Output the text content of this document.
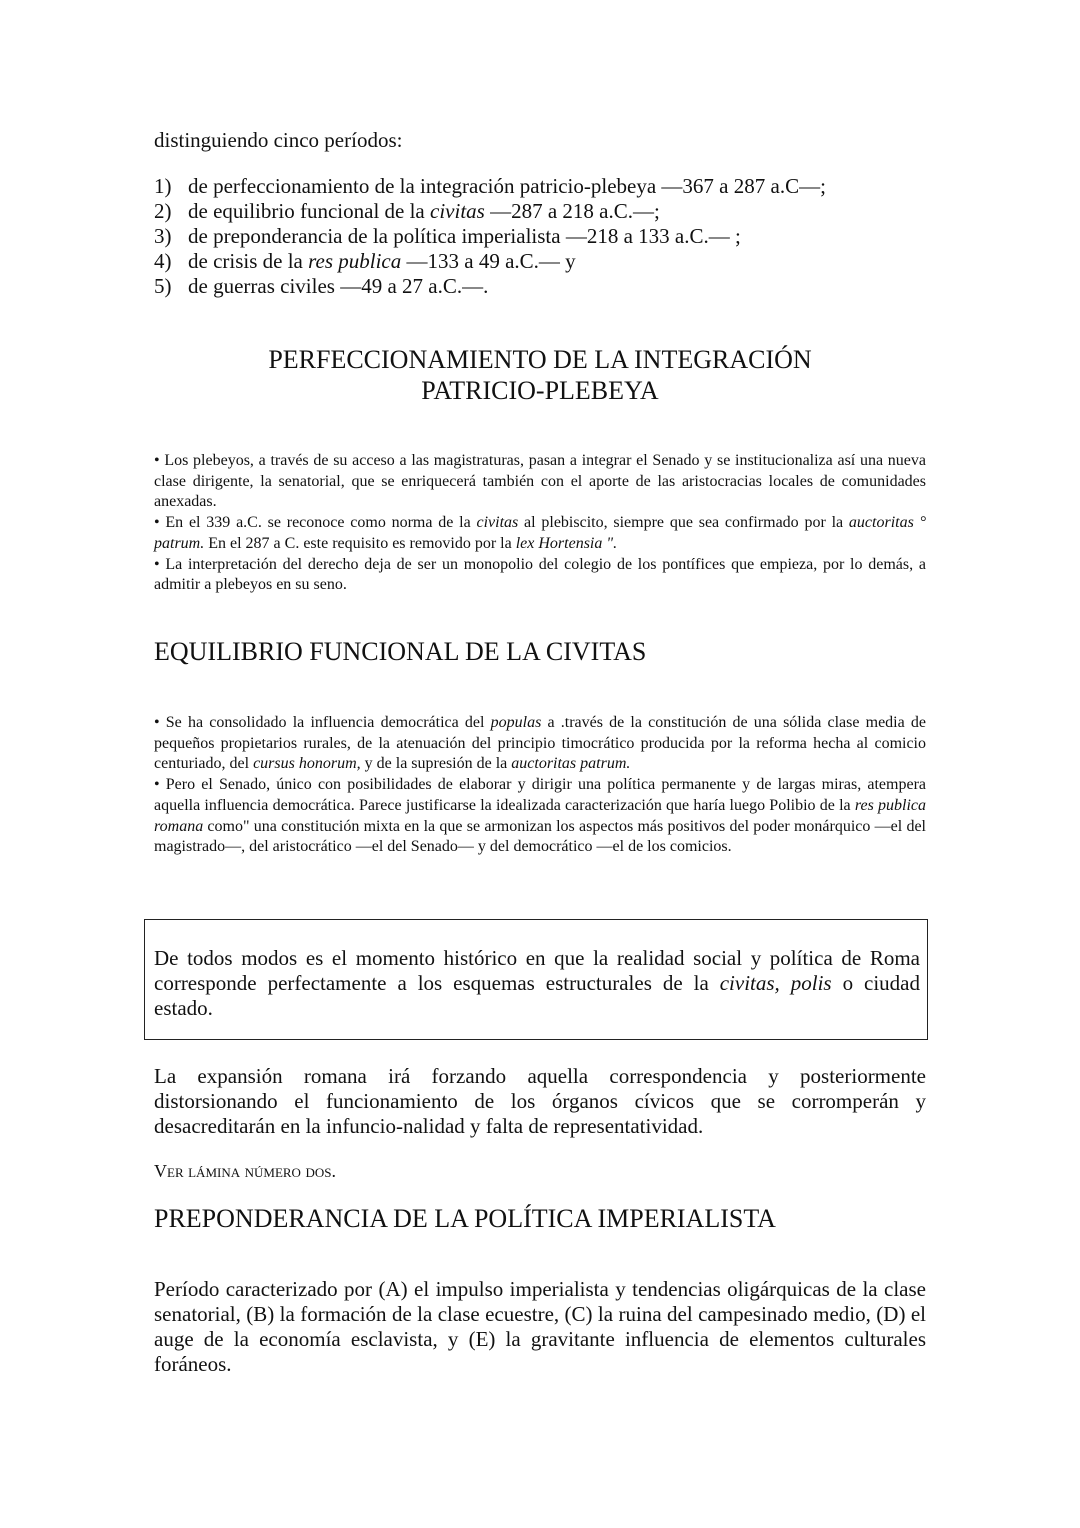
distinguiendo cinco períodos:
1) de perfeccionamiento de la integración patricio-plebeya —367 a 287 a.C—;
2) de equilibrio funcional de la civitas —287 a 218 a.C.—;
3) de preponderancia de la política imperialista —218 a 133 a.C.— ;
4) de crisis de la res publica —133 a 49 a.C.— y
5) de guerras civiles —49 a 27 a.C.—.
PERFECCIONAMIENTO DE LA INTEGRACIÓN
PATRICIO-PLEBEYA

• Los plebeyos, a través de su acceso a las magistraturas, pasan a integrar el Senado y se institucionaliza así una nueva clase dirigente, la senatorial, que se enriquecerá también con el aporte de las aristocracias locales de comunidades anexadas.

• En el 339 a.C. se reconoce como norma de la civitas al plebiscito, siempre que sea confirmado por la auctoritas ° patrum. En el 287 a C. este requisito es removido por la lex Hortensia ".

• La interpretación del derecho deja de ser un monopolio del colegio de los pontífices que empieza, por lo demás, a admitir a plebeyos en su seno.

EQUILIBRIO FUNCIONAL DE LA CIVITAS

• Se ha consolidado la influencia democrática del populas a .través de la constitución de una sólida clase media de pequeños propietarios rurales, de la atenuación del principio timocrático producida por la reforma hecha al comicio centuriado, del cursus honorum, y de la supresión de la auctoritas patrum.

• Pero el Senado, único con posibilidades de elaborar y dirigir una política permanente y de largas miras, atempera aquella influencia democrática. Parece justificarse la idealizada caracterización que haría luego Polibio de la res publica romana como" una constitución mixta en la que se armonizan los aspectos más positivos del poder monárquico —el del magistrado—, del aristocrático —el del Senado— y del democrático —el de los comicios.

De todos modos es el momento histórico en que la realidad social y política de Roma corresponde perfectamente a los esquemas estructurales de la civitas, polis o ciudad estado.

La expansión romana irá forzando aquella correspondencia y posteriormente distorsionando el funcionamiento de los órganos cívicos que se corromperán y desacreditarán en la infuncio-nalidad y falta de representatividad.

Ver lámina número dos.
PREPONDERANCIA DE LA POLÍTICA IMPERIALISTA

Período caracterizado por (A) el impulso imperialista y tendencias oligárquicas de la clase senatorial, (B) la formación de la clase ecuestre, (C) la ruina del campesinado medio, (D) el auge de la economía esclavista, y (E) la gravitante influencia de elementos culturales foráneos.
